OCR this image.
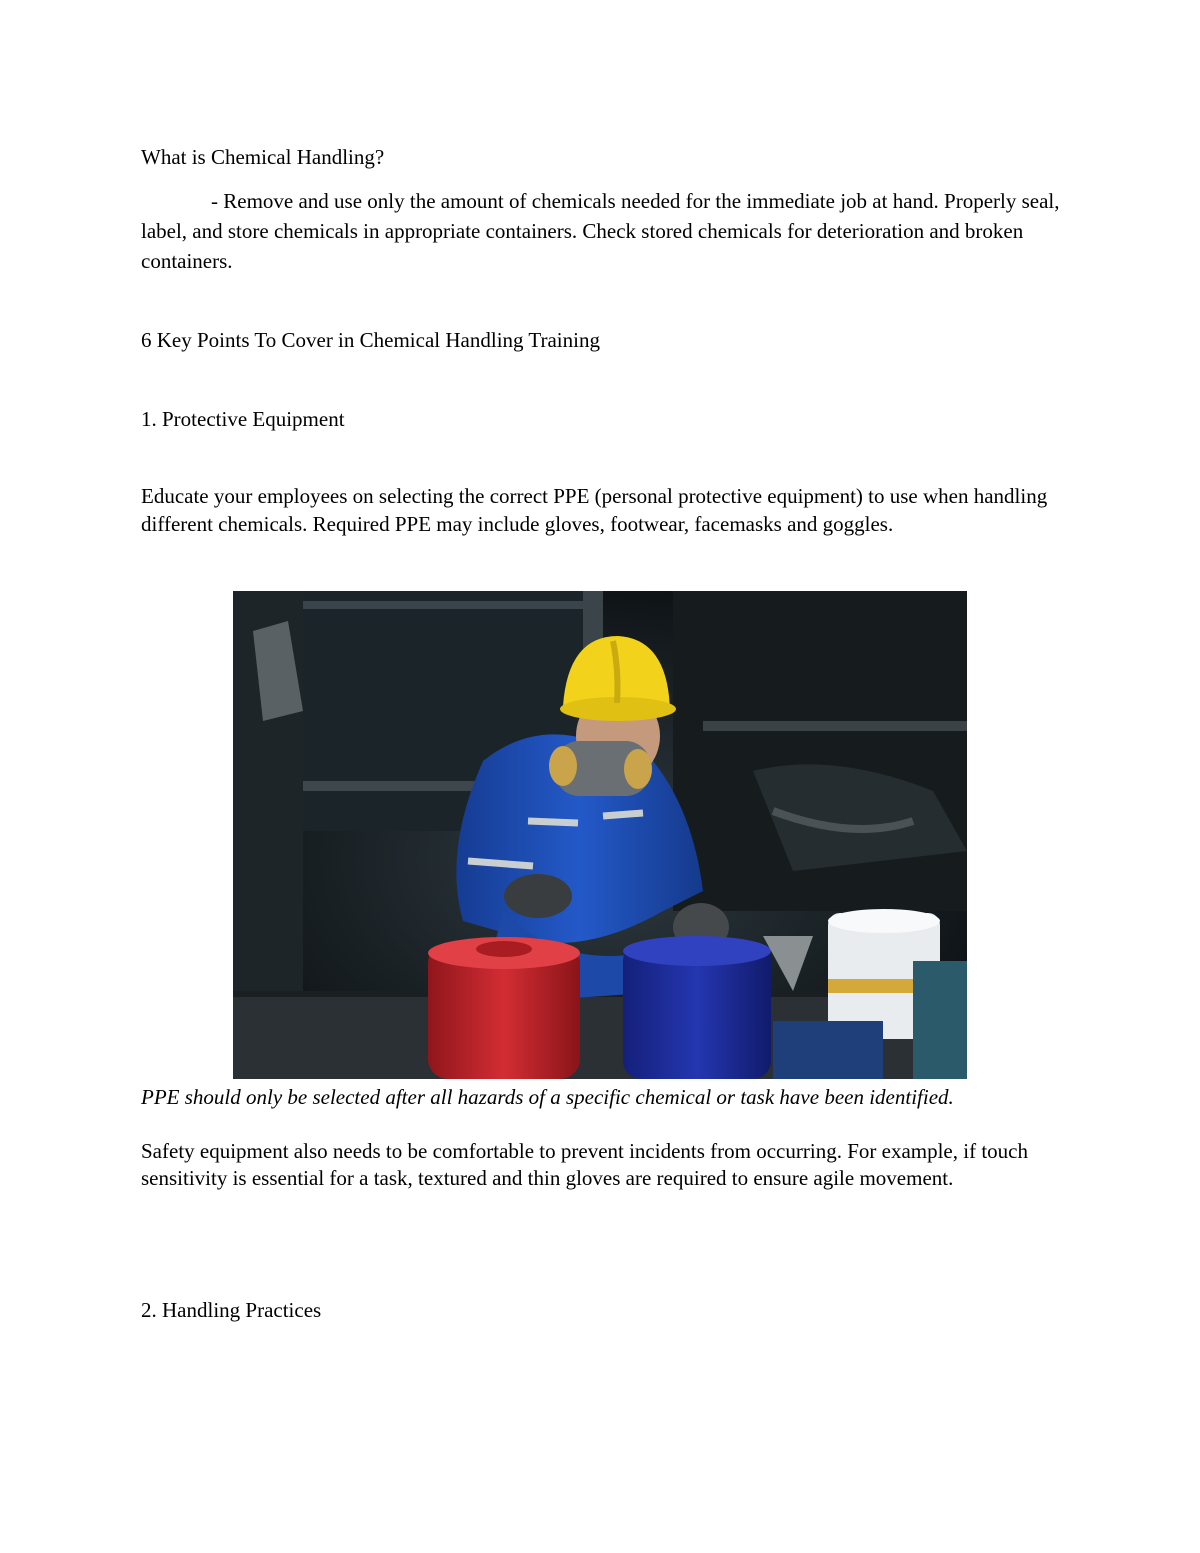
What is Chemical Handling?

- Remove and use only the amount of chemicals needed for the immediate job at hand. Properly seal, label, and store chemicals in appropriate containers. Check stored chemicals for deterioration and broken containers.

6 Key Points To Cover in Chemical Handling Training

1. Protective Equipment

Educate your employees on selecting the correct PPE (personal protective equipment) to use when handling different chemicals. Required PPE may include gloves, footwear, facemasks and goggles.

PPE should only be selected after all hazards of a specific chemical or task have been identified.

Safety equipment also needs to be comfortable to prevent incidents from occurring. For example, if touch sensitivity is essential for a task, textured and thin gloves are required to ensure agile movement.

2. Handling Practices
